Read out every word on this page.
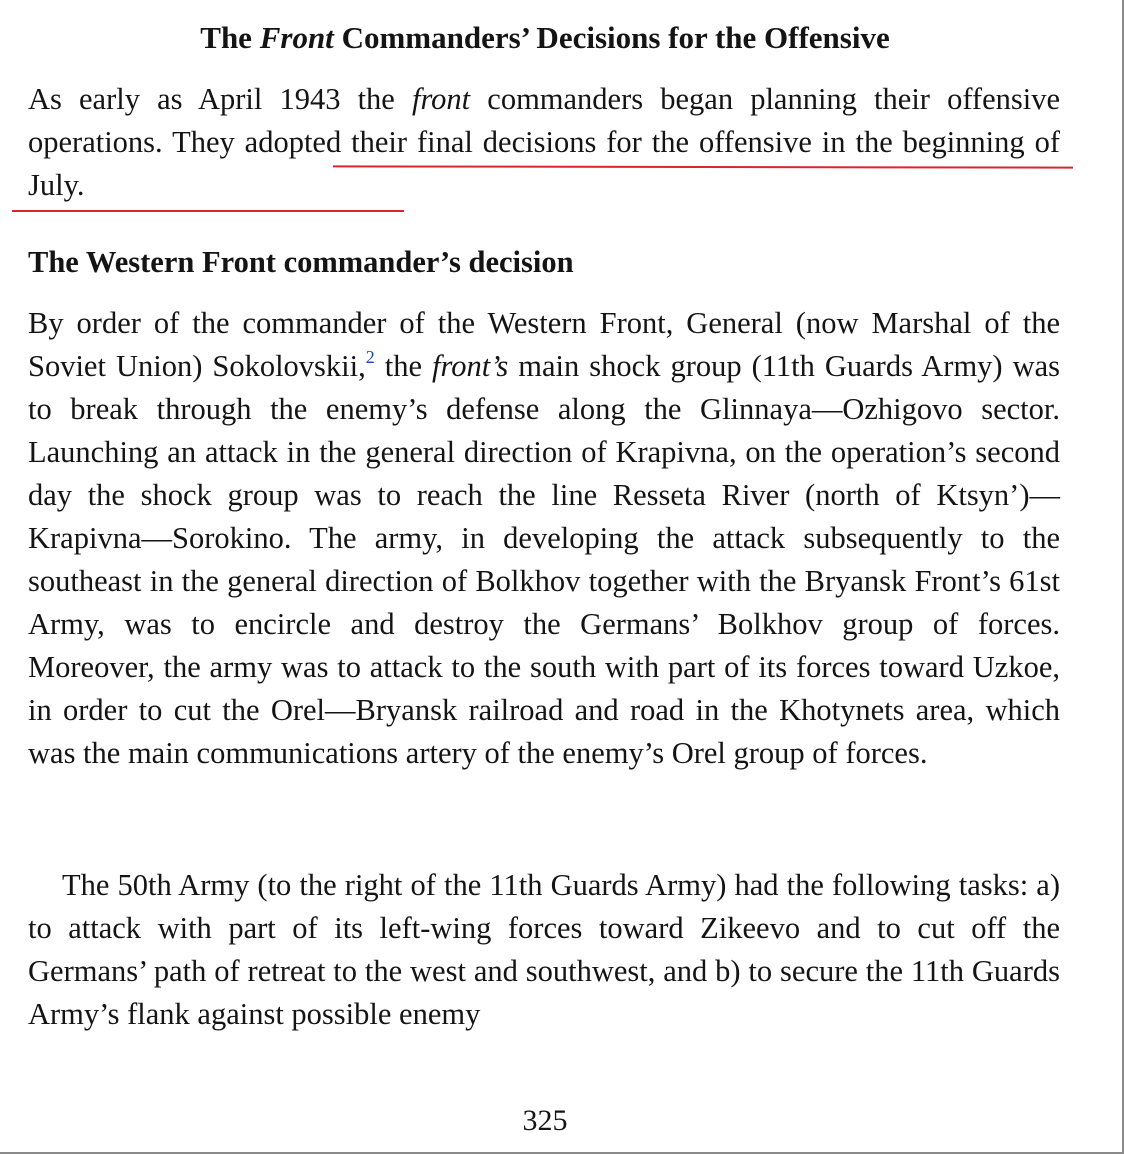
The Front Commanders’ Decisions for the Offensive

As early as April 1943 the front commanders began planning their offensive operations. They adopted their final decisions for the offensive in the beginning of July.

The Western Front commander’s decision

By order of the commander of the Western Front, General (now Marshal of the Soviet Union) Sokolovskii,$^2$ the front’s main shock group (11th Guards Army) was to break through the enemy’s defense along the Glinnaya—Ozhigovo sector. Launching an attack in the general direction of Krapivna, on the operation’s second day the shock group was to reach the line Resseta River (north of Ktsyn’)—Krapivna—Sorokino. The army, in developing the attack subsequently to the southeast in the general direction of Bolkhov together with the Bryansk Front’s 61st Army, was to encircle and destroy the Germans’ Bolkhov group of forces. Moreover, the army was to attack to the south with part of its forces toward Uzkoe, in order to cut the Orel—Bryansk railroad and road in the Khotynets area, which was the main communications artery of the enemy’s Orel group of forces.

The 50th Army (to the right of the 11th Guards Army) had the following tasks: a) to attack with part of its left-wing forces toward Zikeevo and to cut off the Germans’ path of retreat to the west and southwest, and b) to secure the 11th Guards Army’s flank against possible enemy

325
